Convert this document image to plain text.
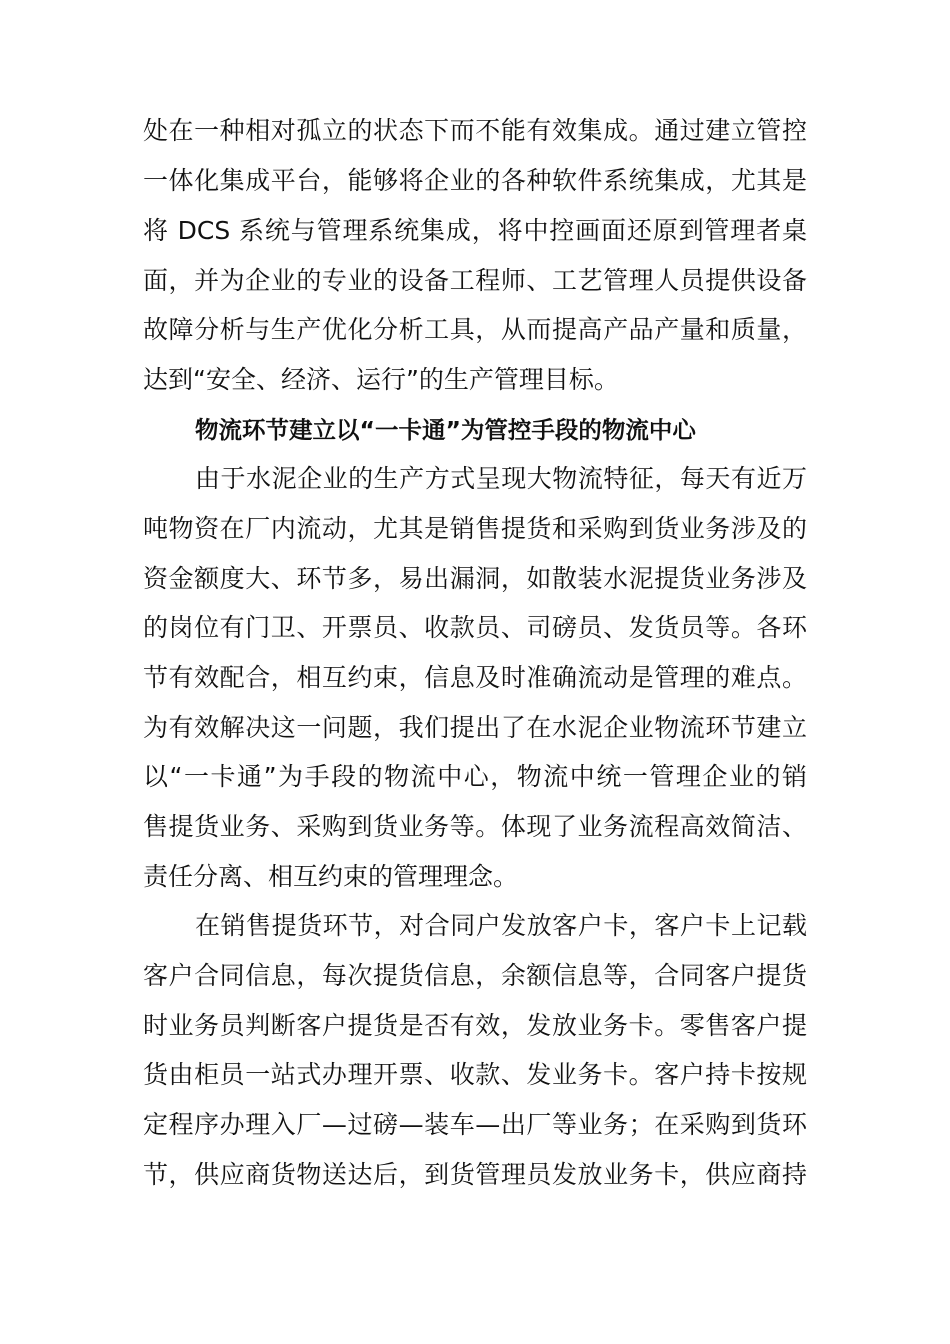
处在一种相对孤立的状态下而不能有效集成。通过建立管控
一体化集成平台，能够将企业的各种软件系统集成，尤其是
将 DCS 系统与管理系统集成，将中控画面还原到管理者桌
面，并为企业的专业的设备工程师、工艺管理人员提供设备
故障分析与生产优化分析工具，从而提高产品产量和质量，
达到“安全、经济、运行”的生产管理目标。
物流环节建立以“一卡通”为管控手段的物流中心
由于水泥企业的生产方式呈现大物流特征，每天有近万
吨物资在厂内流动，尤其是销售提货和采购到货业务涉及的
资金额度大、环节多，易出漏洞，如散装水泥提货业务涉及
的岗位有门卫、开票员、收款员、司磅员、发货员等。各环
节有效配合，相互约束，信息及时准确流动是管理的难点。
为有效解决这一问题，我们提出了在水泥企业物流环节建立
以“一卡通”为手段的物流中心，物流中统一管理企业的销
售提货业务、采购到货业务等。体现了业务流程高效简洁、
责任分离、相互约束的管理理念。
在销售提货环节，对合同户发放客户卡，客户卡上记载
客户合同信息，每次提货信息，余额信息等，合同客户提货
时业务员判断客户提货是否有效，发放业务卡。零售客户提
货由柜员一站式办理开票、收款、发业务卡。客户持卡按规
定程序办理入厂—过磅—装车—出厂等业务；在采购到货环
节，供应商货物送达后，到货管理员发放业务卡，供应商持
